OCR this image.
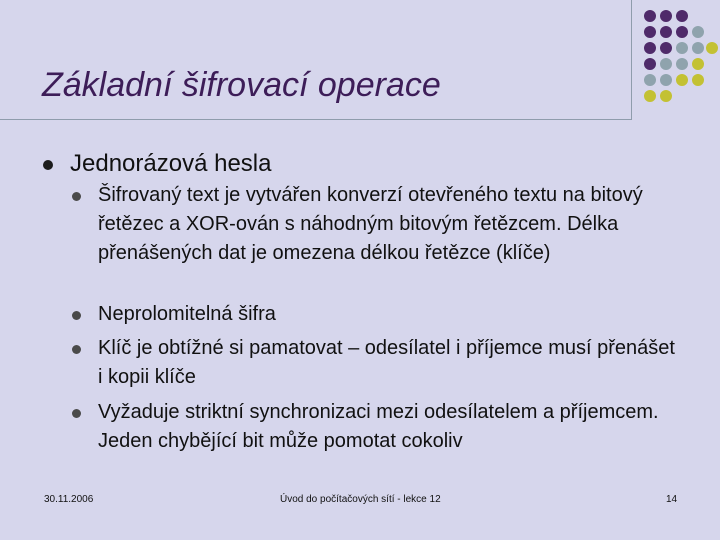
Základní šifrovací operace
Jednorázová hesla
Šifrovaný text je vytvářen konverzí otevřeného textu na bitový řetězec a XOR-ován s náhodným bitovým řetězcem. Délka přenášených dat je omezena délkou řetězce (klíče)
Neprolomitelná šifra
Klíč je obtížné si pamatovat – odesílatel i příjemce musí přenášet i kopii klíče
Vyžaduje striktní synchronizaci mezi odesílatelem a příjemcem. Jeden chybějící bit může pomotat cokoliv
30.11.2006	Úvod do počítačových sítí - lekce 12	14
